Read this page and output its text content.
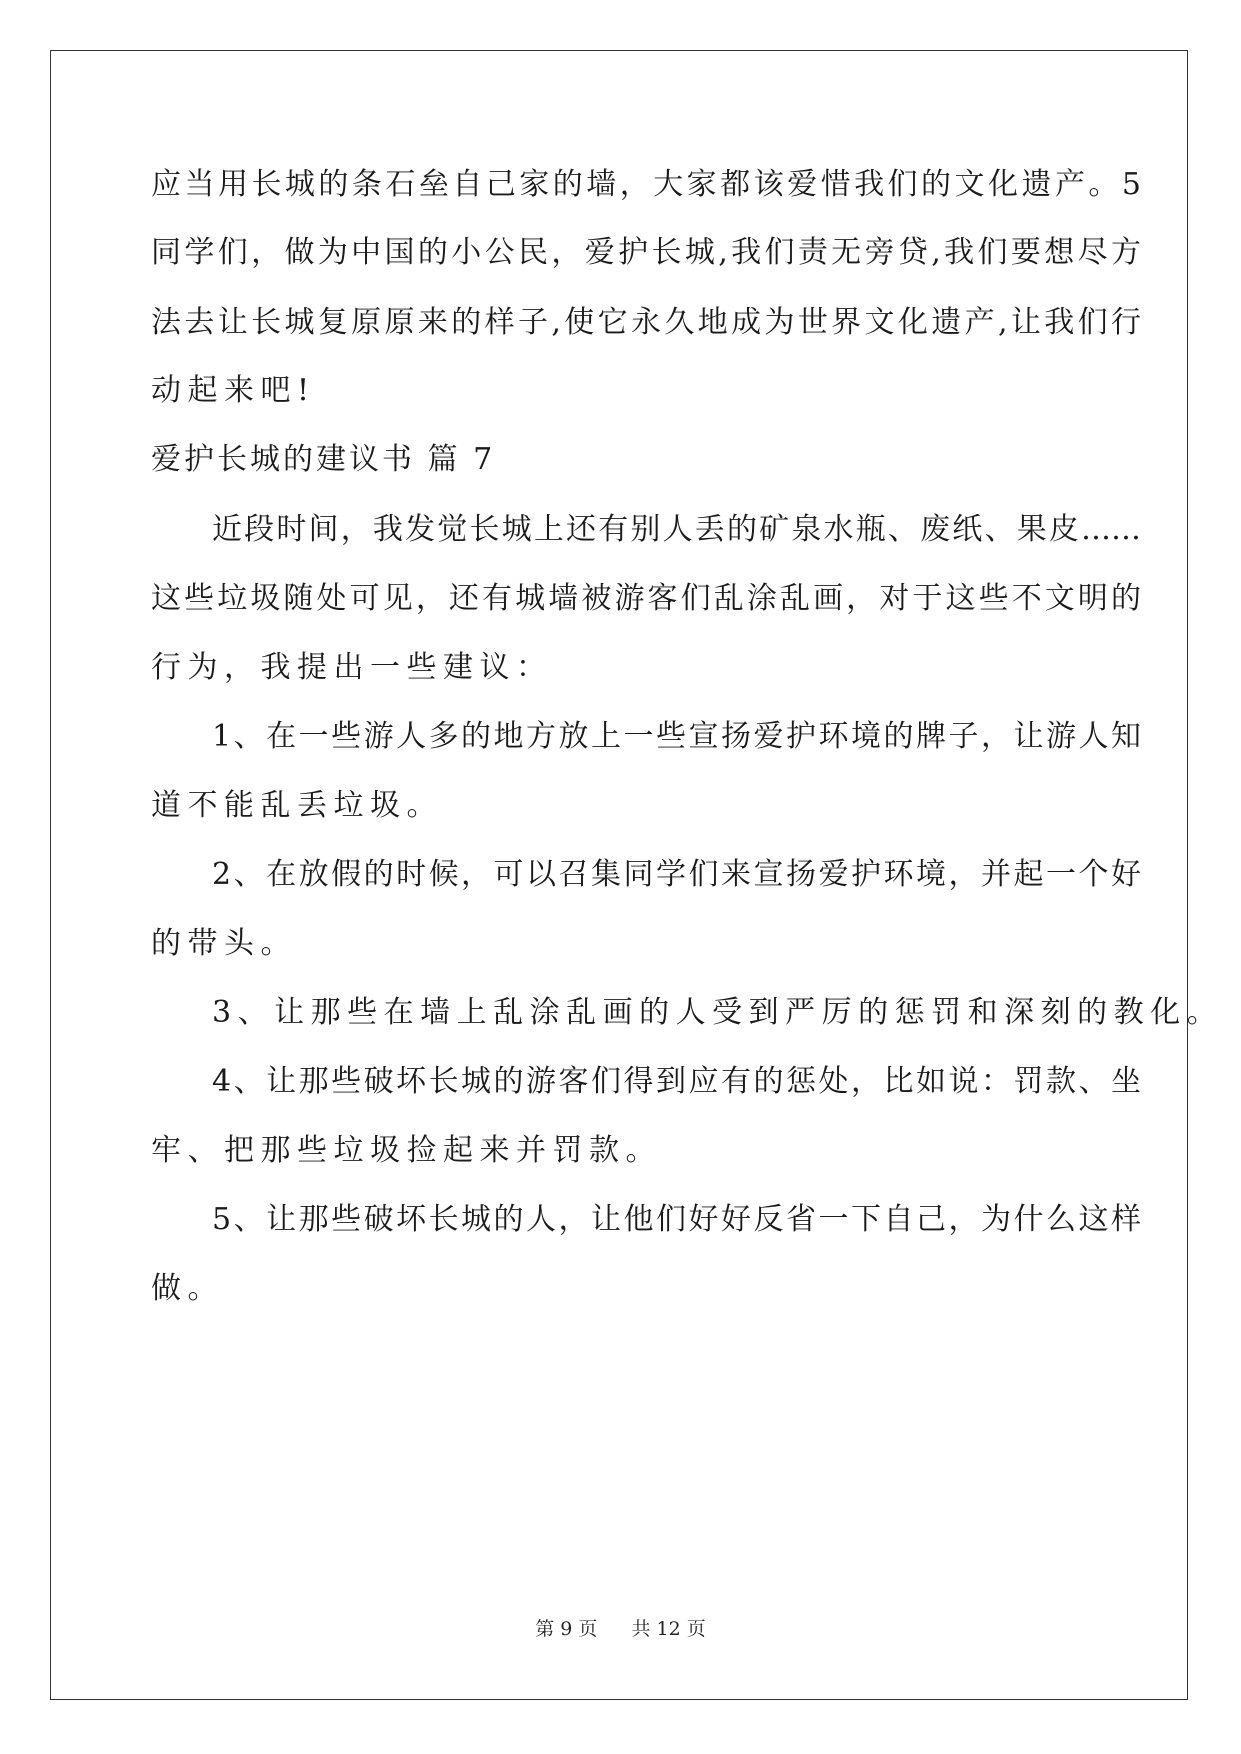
应当用长城的条石垒自己家的墙，大家都该爱惜我们的文化遗产。5
同学们，做为中国的小公民，爱护长城,我们责无旁贷,我们要想尽方
法去让长城复原原来的样子,使它永久地成为世界文化遗产,让我们行
动起来吧!
爱护长城的建议书 篇 7
近段时间，我发觉长城上还有别人丢的矿泉水瓶、废纸、果皮……
这些垃圾随处可见，还有城墙被游客们乱涂乱画，对于这些不文明的
行为，我提出一些建议：
1、在一些游人多的地方放上一些宣扬爱护环境的牌子，让游人知
道不能乱丢垃圾。
2、在放假的时候，可以召集同学们来宣扬爱护环境，并起一个好
的带头。
3、让那些在墙上乱涂乱画的人受到严厉的惩罚和深刻的教化。
4、让那些破坏长城的游客们得到应有的惩处，比如说：罚款、坐
牢、把那些垃圾捡起来并罚款。
5、让那些破坏长城的人，让他们好好反省一下自己，为什么这样
做。
第 9 页 共 12 页
